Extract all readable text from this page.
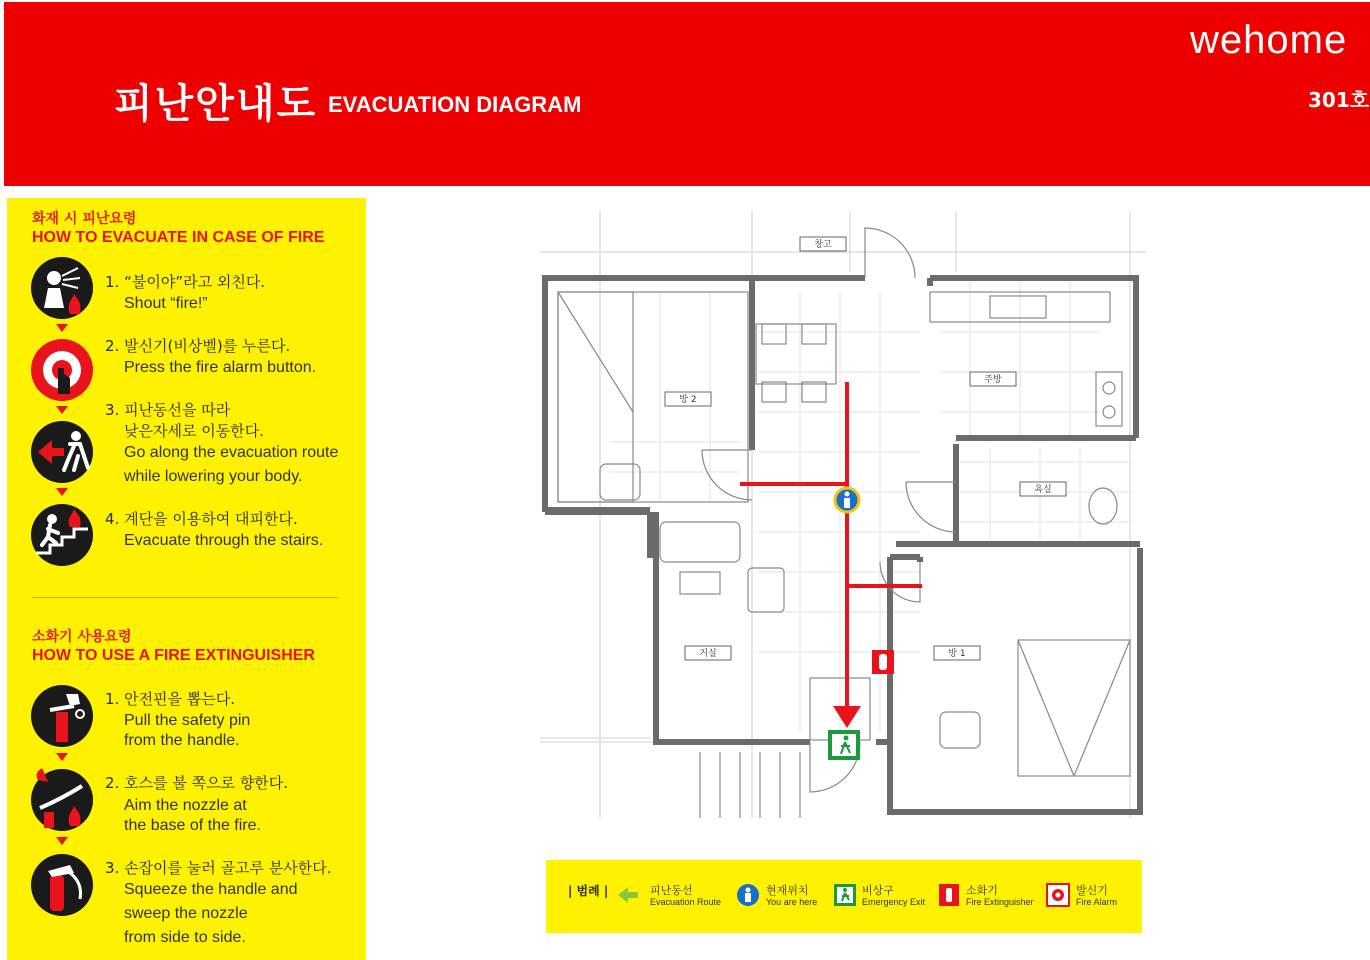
피난안내도 EVACUATION DIAGRAM
wehome
301호
화재 시 피난요령
HOW TO EVACUATE IN CASE OF FIRE
1. “불이야”라고 외친다.
Shout “fire!”
2. 발신기(비상벨)를 누른다.
Press the fire alarm button.
3. 피난동선을 따라
낮은자세로 이동한다.
Go along the evacuation route
while lowering your body.
4. 계단을 이용하여 대피한다.
Evacuate through the stairs.
소화기 사용요령
HOW TO USE A FIRE EXTINGUISHER
1. 안전핀을 뽑는다.
Pull the safety pin
from the handle.
2. 호스를 불 쪽으로 향한다.
Aim the nozzle at
the base of the fire.
3. 손잡이를 눌러 골고루 분사한다.
Squeeze the handle and
sweep the nozzle
from side to side.
창고
방 2
주방
욕실
거실	방 1
| 범례 |	피난동선
Evacuation Route
현재위치
You are here
비상구
Emergency Exit
소화기
Fire Extinguisher
발신기
Fire Alarm
